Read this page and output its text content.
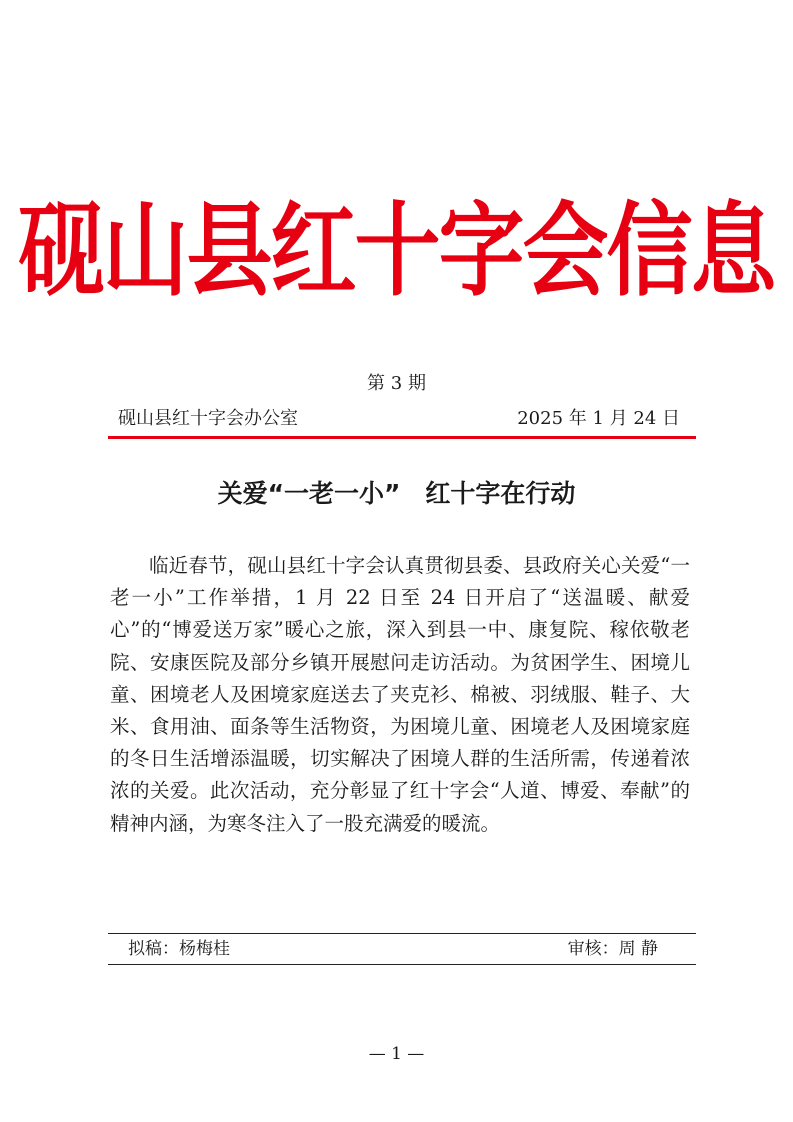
砚山县红十字会信息
第 3 期
砚山县红十字会办公室	2025 年 1 月 24 日
关爱“一老一小”　红十字在行动

临近春节，砚山县红十字会认真贯彻县委、县政府关心关爱“一老一小”工作举措，1 月 22 日至 24 日开启了“送温暖、献爱心”的“博爱送万家”暖心之旅，深入到县一中、康复院、稼依敬老院、安康医院及部分乡镇开展慰问走访活动。为贫困学生、困境儿童、困境老人及困境家庭送去了夹克衫、棉被、羽绒服、鞋子、大米、食用油、面条等生活物资，为困境儿童、困境老人及困境家庭的冬日生活增添温暖，切实解决了困境人群的生活所需，传递着浓浓的关爱。此次活动，充分彰显了红十字会“人道、博爱、奉献”的精神内涵，为寒冬注入了一股充满爱的暖流。

拟稿：杨梅桂	审核：周 静
— 1 —
